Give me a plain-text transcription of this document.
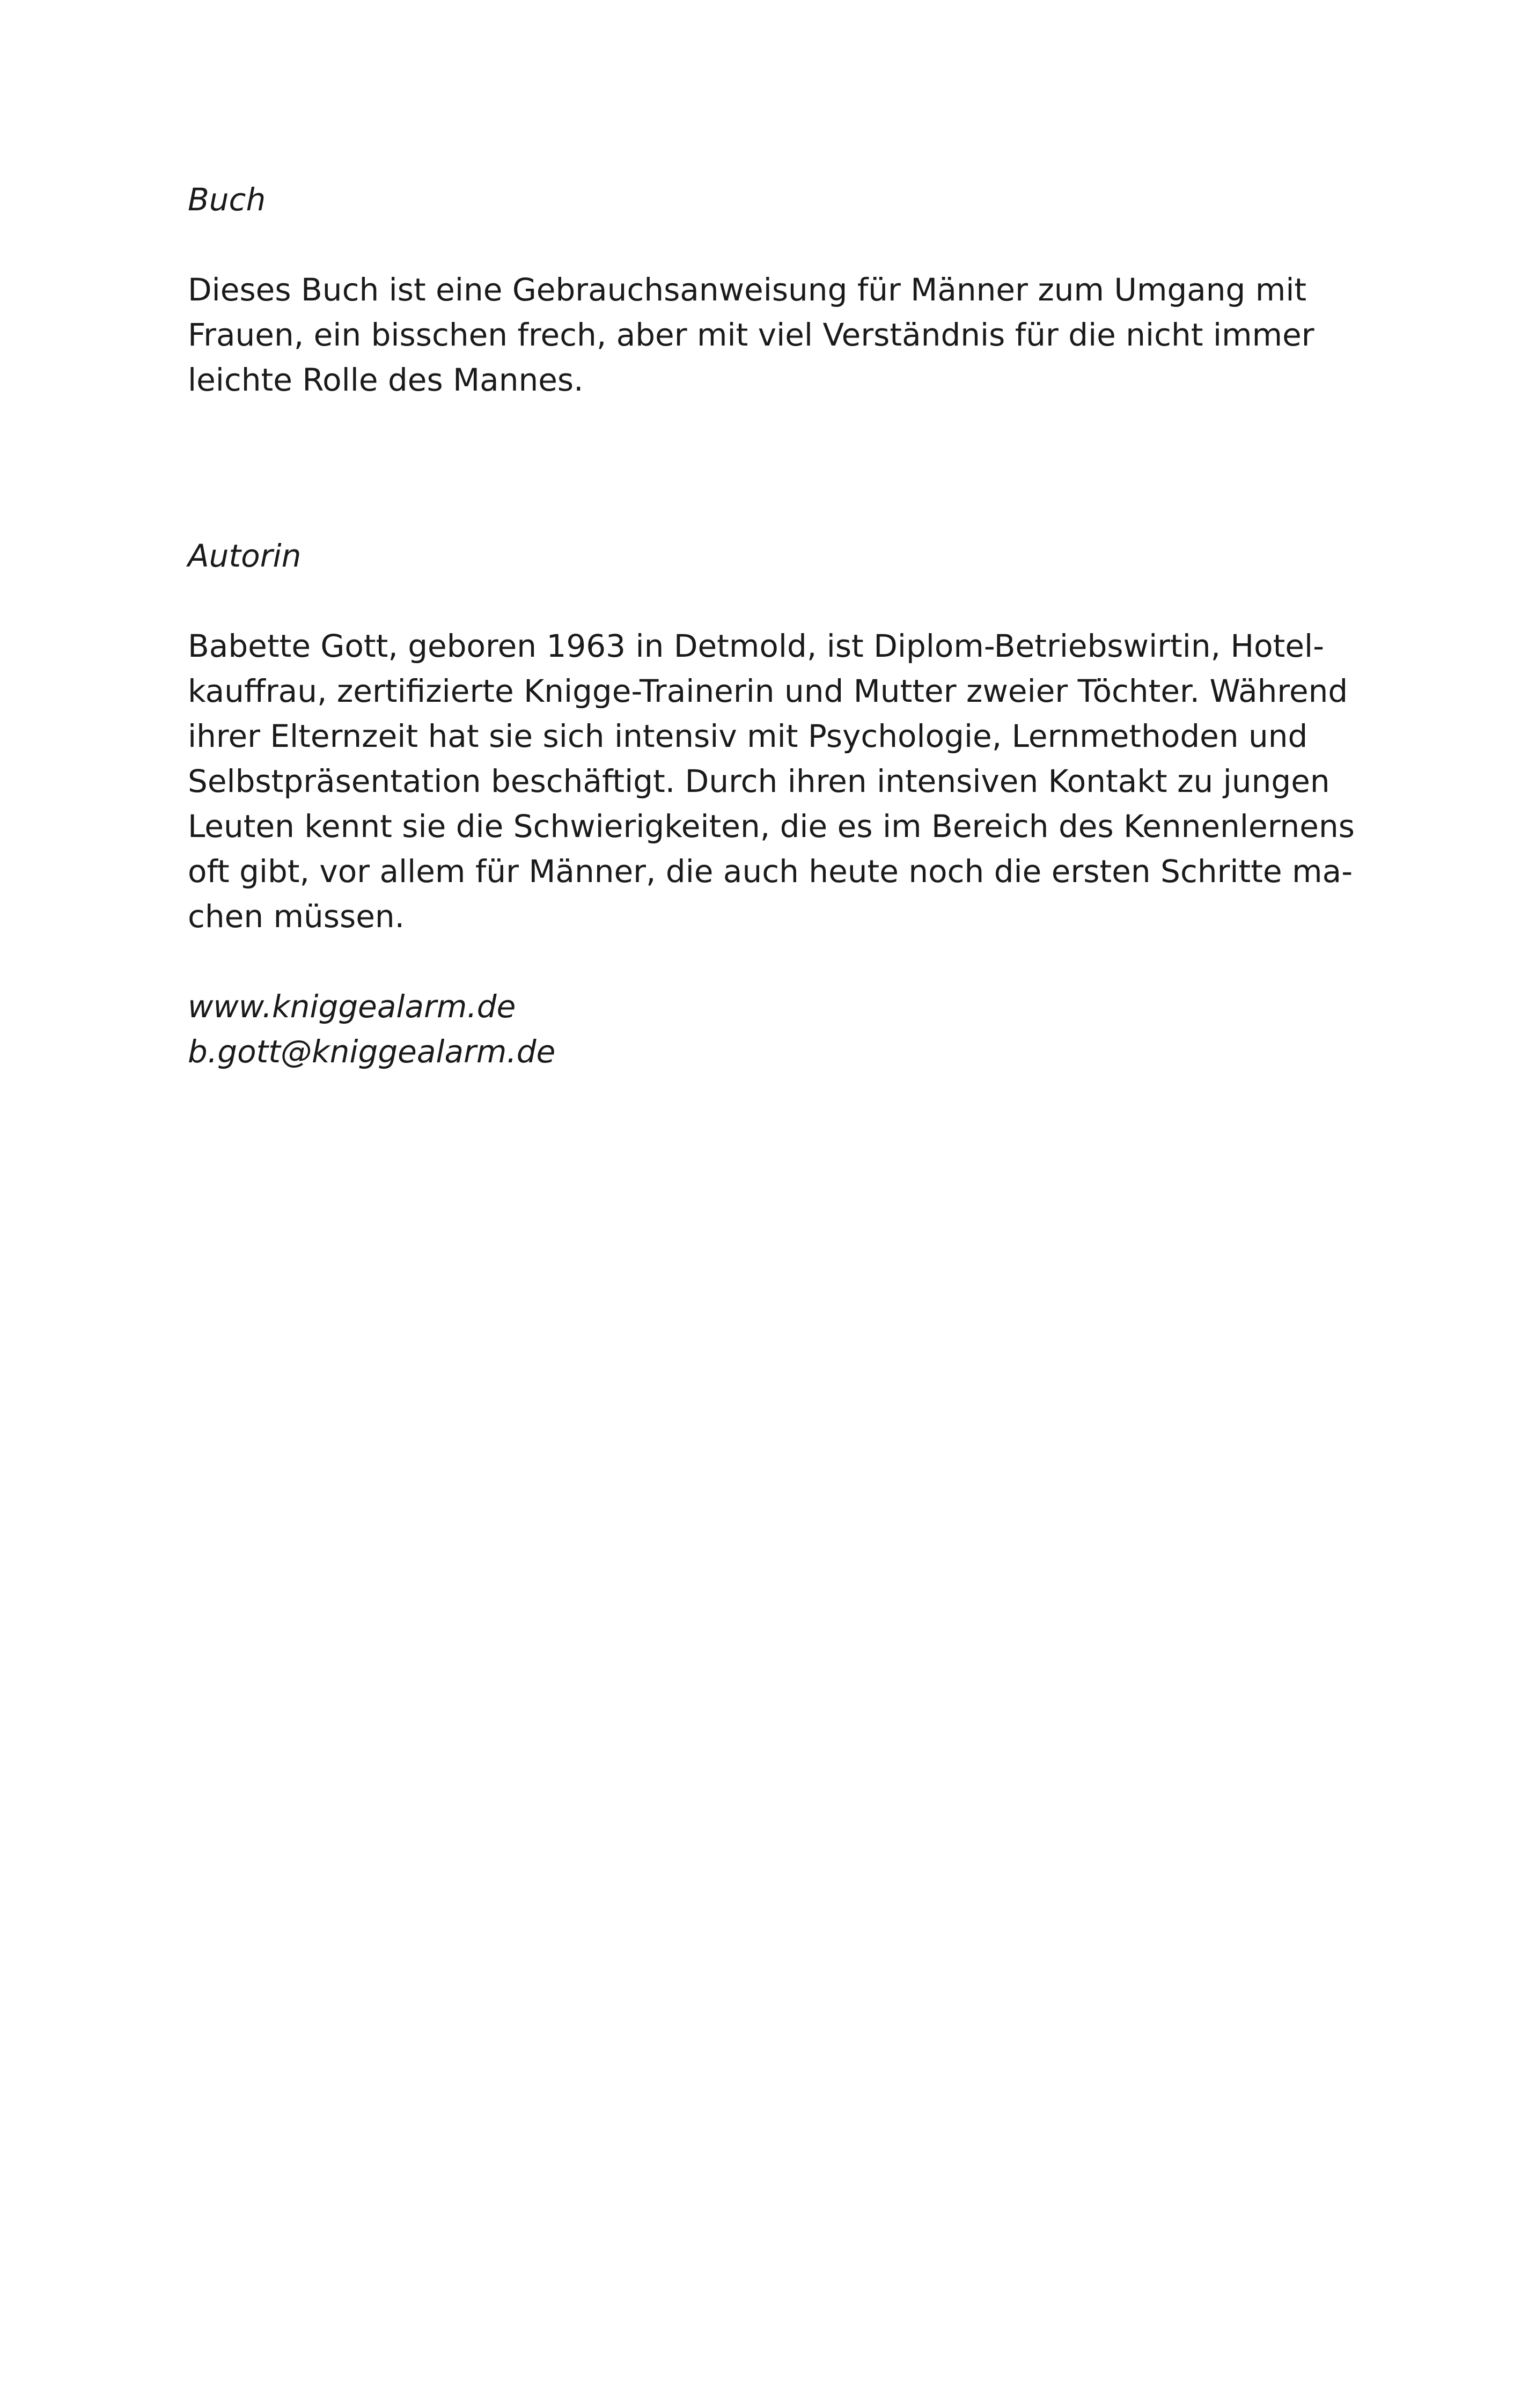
Buch

Dieses Buch ist eine Gebrauchsanweisung für Männer zum Umgang mit
Frauen, ein bisschen frech, aber mit viel Verständnis für die nicht immer
leichte Rolle des Mannes.

Autorin

Babette Gott, geboren 1963 in Detmold, ist Diplom-Betriebswirtin, Hotel-
kauffrau, zertifizierte Knigge-Trainerin und Mutter zweier Töchter. Während
ihrer Elternzeit hat sie sich intensiv mit Psychologie, Lernmethoden und
Selbstpräsentation beschäftigt. Durch ihren intensiven Kontakt zu jungen
Leuten kennt sie die Schwierigkeiten, die es im Bereich des Kennenlernens
oft gibt, vor allem für Männer, die auch heute noch die ersten Schritte ma-
chen müssen.
www.kniggealarm.de
b.gott@kniggealarm.de
